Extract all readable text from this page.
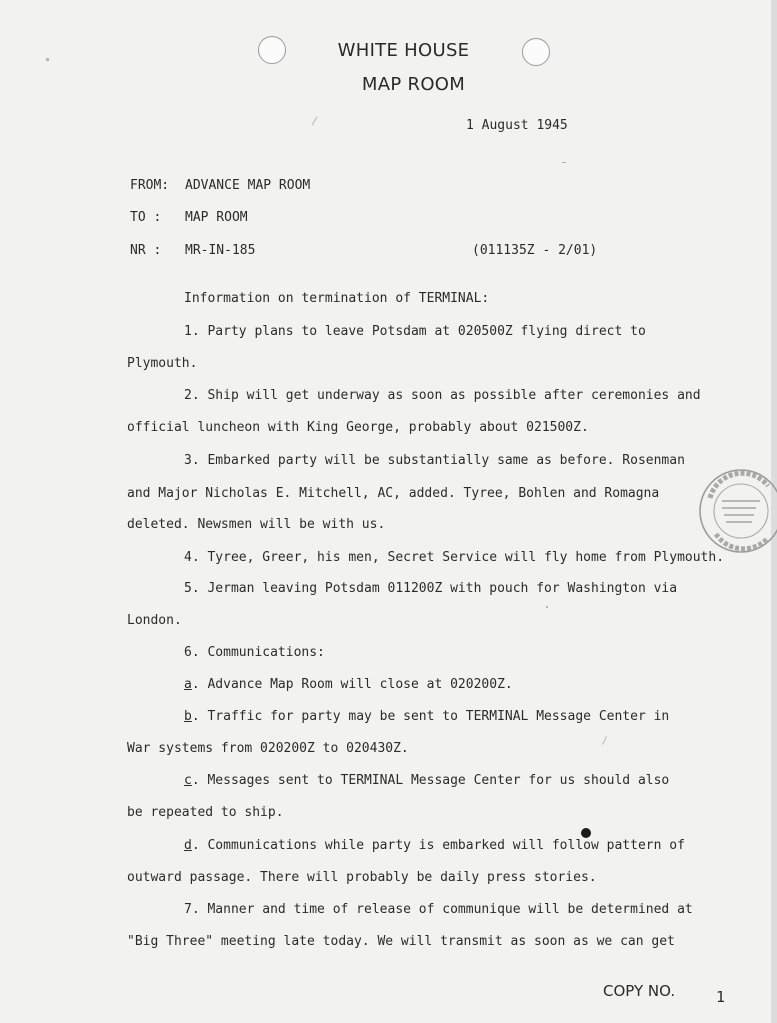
WHITE HOUSE
MAP ROOM
1 August 1945
FROM: ADVANCE MAP ROOM
TO : MAP ROOM
NR : MR-IN-185	(011135Z - 2/01)
Information on termination of TERMINAL:
1. Party plans to leave Potsdam at 020500Z flying direct to
Plymouth.
2. Ship will get underway as soon as possible after ceremonies and
official luncheon with King George, probably about 021500Z.
3. Embarked party will be substantially same as before. Rosenman
and Major Nicholas E. Mitchell, AC, added. Tyree, Bohlen and Romagna
deleted. Newsmen will be with us.
4. Tyree, Greer, his men, Secret Service will fly home from Plymouth.
5. Jerman leaving Potsdam 011200Z with pouch for Washington via
London.
6. Communications:
a. Advance Map Room will close at 020200Z.
b. Traffic for party may be sent to TERMINAL Message Center in
War systems from 020200Z to 020430Z.
c. Messages sent to TERMINAL Message Center for us should also
be repeated to ship.
d. Communications while party is embarked will follow pattern of
outward passage. There will probably be daily press stories.
7. Manner and time of release of communique will be determined at
"Big Three" meeting late today. We will transmit as soon as we can get
COPY NO.	1
